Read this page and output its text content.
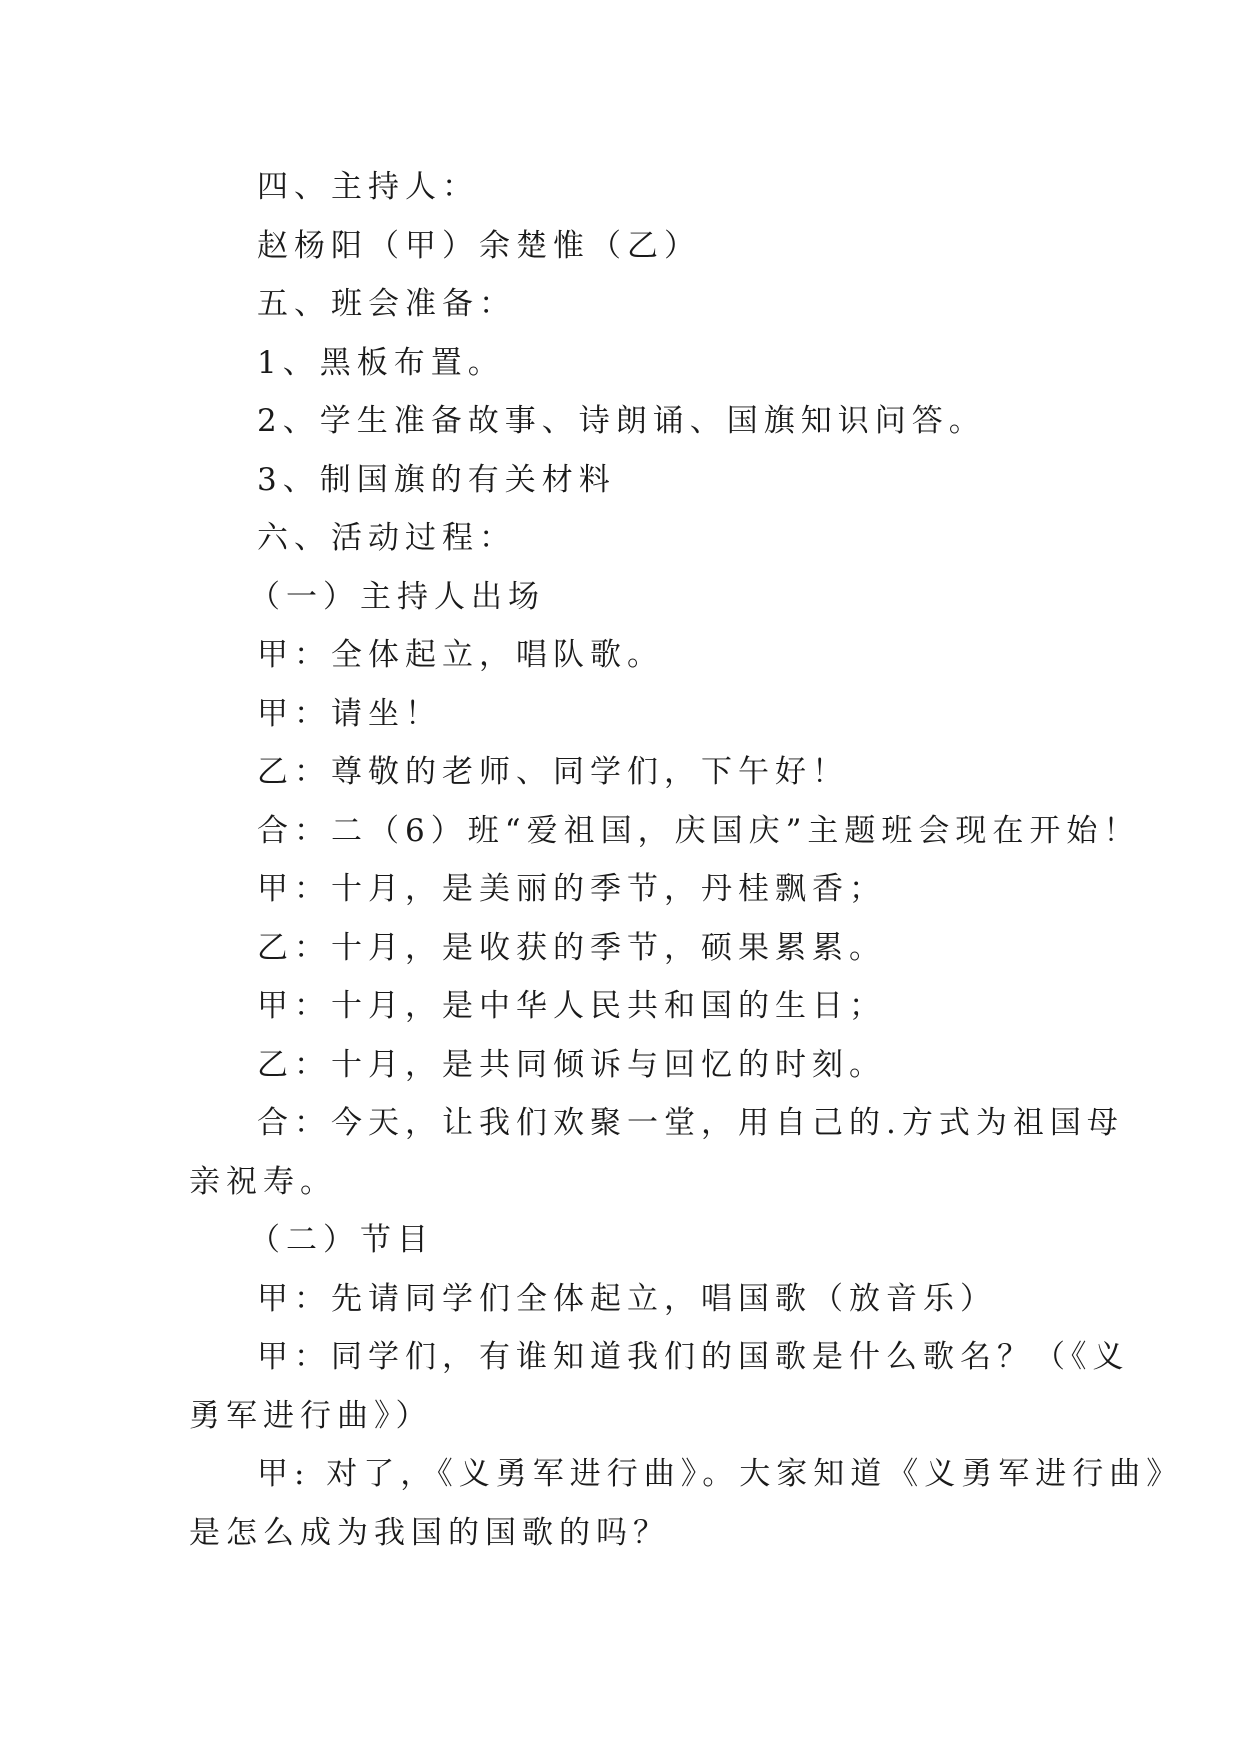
四、主持人：
赵杨阳（甲）余楚惟（乙）
五、班会准备：
1、黑板布置。
2、学生准备故事、诗朗诵、国旗知识问答。
3、制国旗的有关材料
六、活动过程：
（一）主持人出场
甲：全体起立，唱队歌。
甲：请坐！
乙：尊敬的老师、同学们，下午好！
合：二（6）班“爱祖国，庆国庆”主题班会现在开始！
甲：十月，是美丽的季节，丹桂飘香；
乙：十月，是收获的季节，硕果累累。
甲：十月，是中华人民共和国的生日；
乙：十月，是共同倾诉与回忆的时刻。
合：今天，让我们欢聚一堂，用自己的.方式为祖国母
亲祝寿。
（二）节目
甲：先请同学们全体起立，唱国歌（放音乐）
甲：同学们，有谁知道我们的国歌是什么歌名？（《义
勇军进行曲》）
甲: 对了，《义勇军进行曲》。大家知道《义勇军进行曲》
是怎么成为我国的国歌的吗？
